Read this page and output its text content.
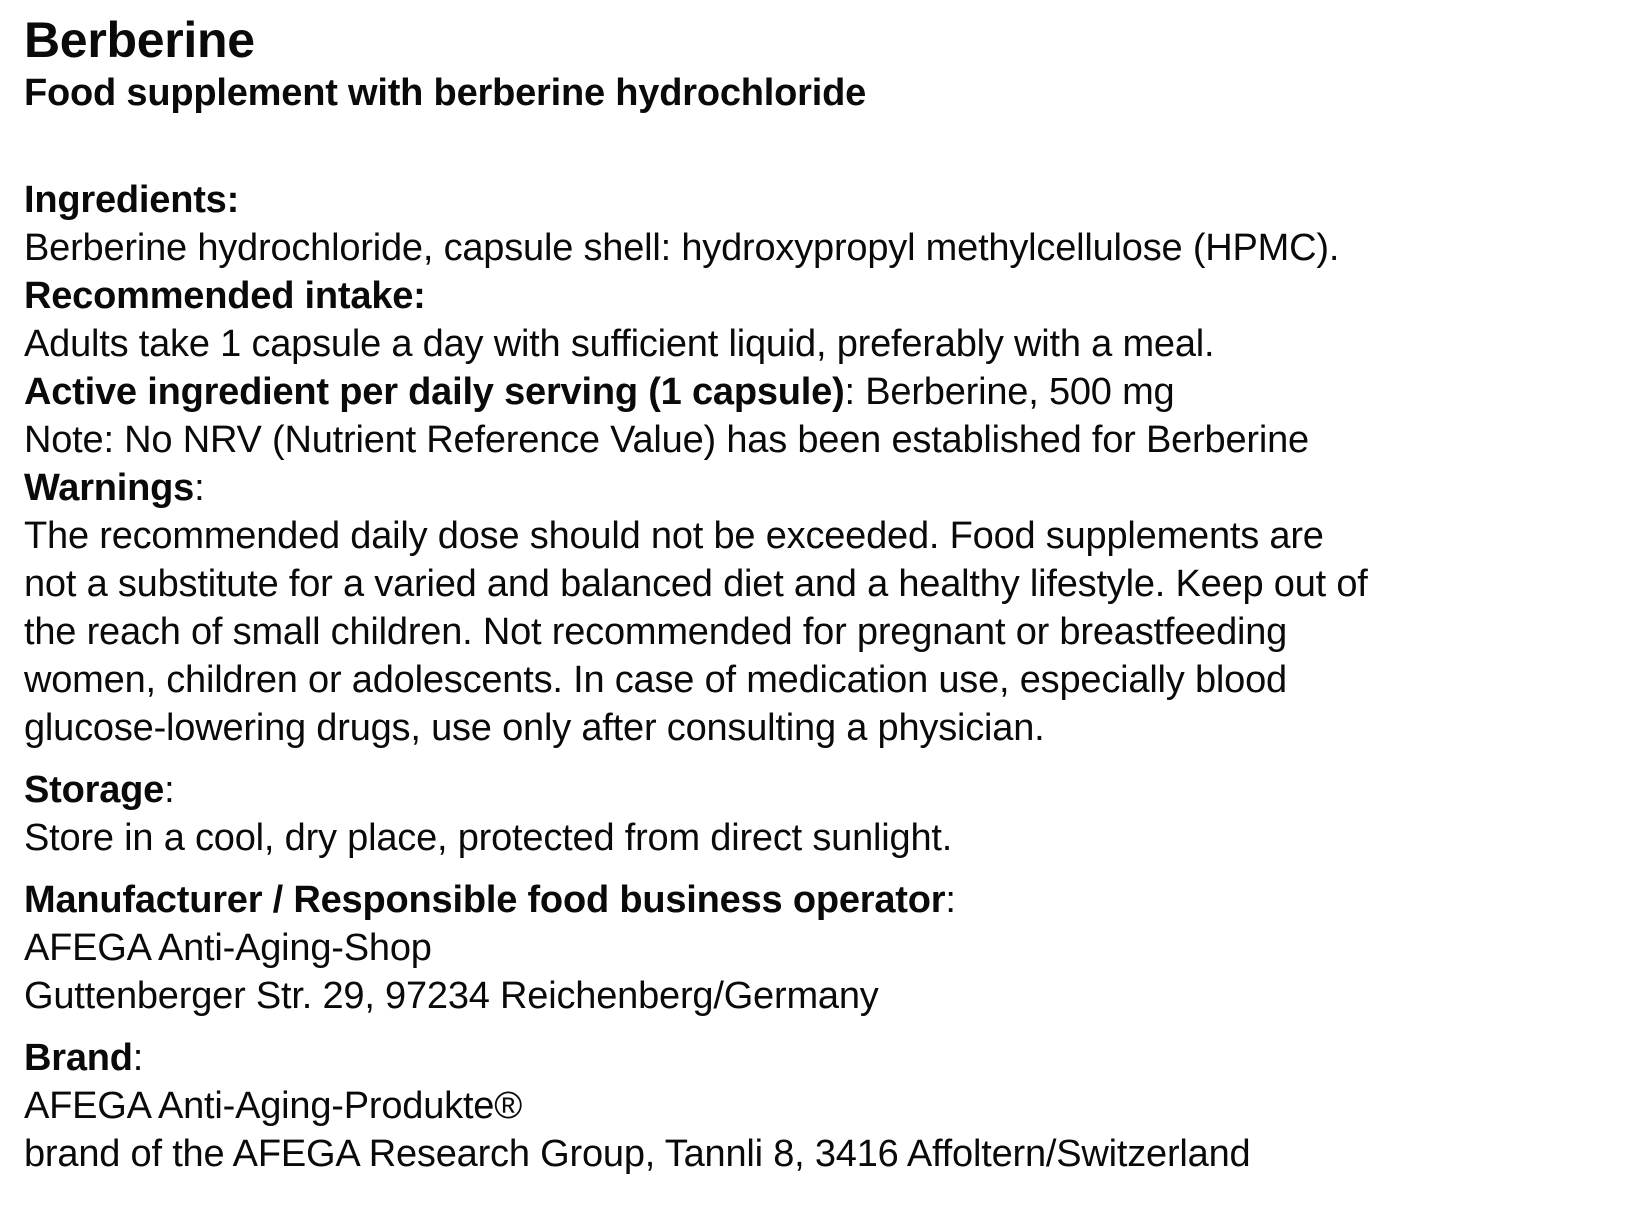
Berberine
Food supplement with berberine hydrochloride

Ingredients:

Berberine hydrochloride, capsule shell: hydroxypropyl methylcellulose (HPMC).

Recommended intake:

Adults take 1 capsule a day with sufficient liquid, preferably with a meal.

Active ingredient per daily serving (1 capsule): Berberine, 500 mg

Note: No NRV (Nutrient Reference Value) has been established for Berberine

Warnings:

The recommended daily dose should not be exceeded. Food supplements are

not a substitute for a varied and balanced diet and a healthy lifestyle. Keep out of

the reach of small children. Not recommended for pregnant or breastfeeding

women, children or adolescents. In case of medication use, especially blood

glucose-lowering drugs, use only after consulting a physician.

Storage:

Store in a cool, dry place, protected from direct sunlight.

Manufacturer / Responsible food business operator:

AFEGA Anti-Aging-Shop

Guttenberger Str. 29, 97234 Reichenberg/Germany

Brand:

AFEGA Anti-Aging-Produkte®

brand of the AFEGA Research Group, Tannli 8, 3416 Affoltern/Switzerland
